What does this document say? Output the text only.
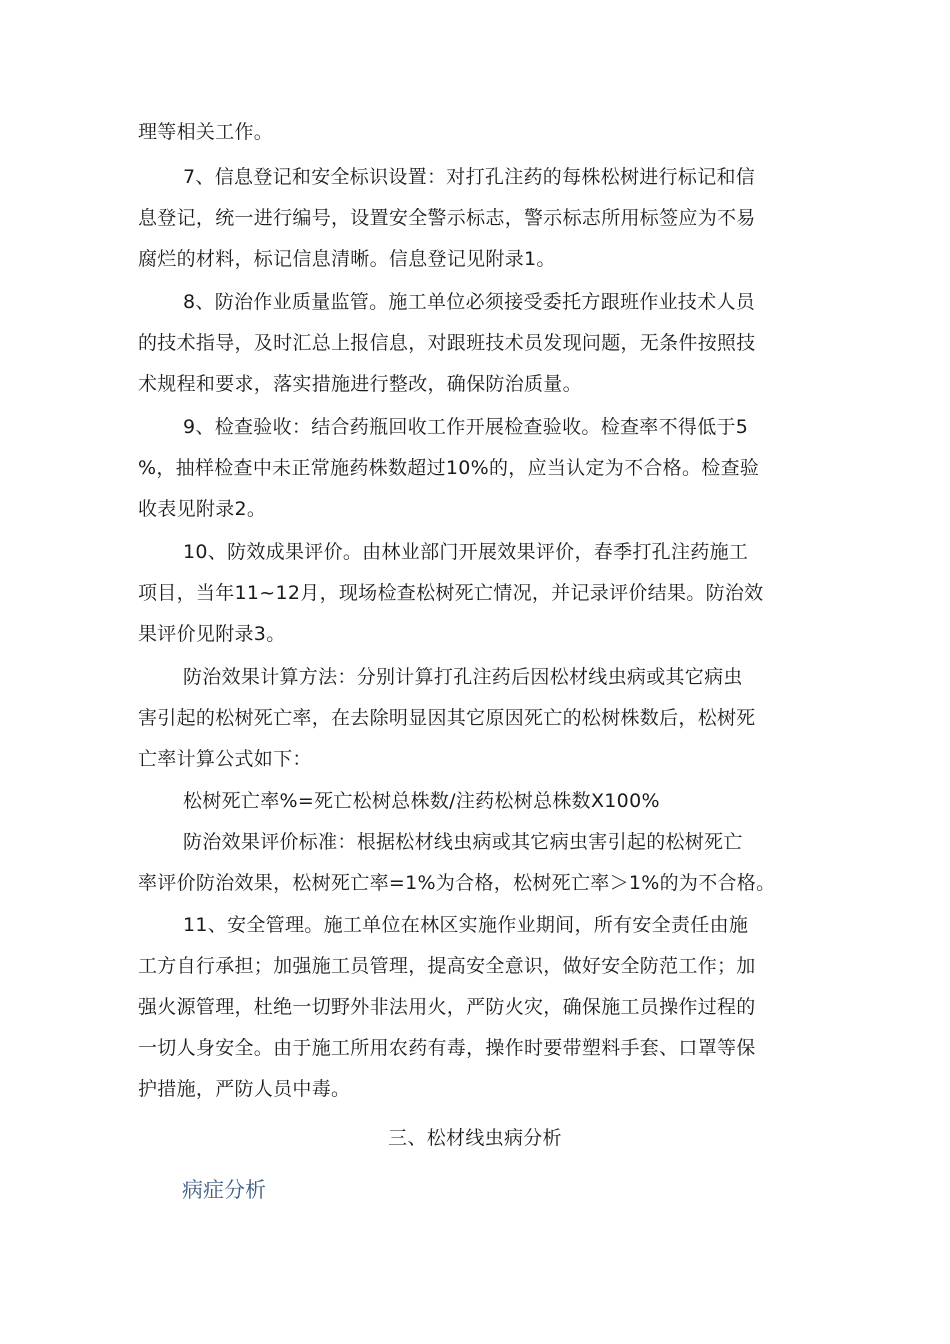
理等相关工作。
7、信息登记和安全标识设置：对打孔注药的每株松树进行标记和信
息登记，统一进行编号，设置安全警示标志，警示标志所用标签应为不易
腐烂的材料，标记信息清晰。信息登记见附录1。
8、防治作业质量监管。施工单位必须接受委托方跟班作业技术人员
的技术指导，及时汇总上报信息，对跟班技术员发现问题，无条件按照技
术规程和要求，落实措施进行整改，确保防治质量。
9、检查验收：结合药瓶回收工作开展检查验收。检查率不得低于5
%，抽样检查中未正常施药株数超过10%的，应当认定为不合格。检查验
收表见附录2。
10、防效成果评价。由林业部门开展效果评价，春季打孔注药施工
项目，当年11~12月，现场检查松树死亡情况，并记录评价结果。防治效
果评价见附录3。
防治效果计算方法：分别计算打孔注药后因松材线虫病或其它病虫
害引起的松树死亡率，在去除明显因其它原因死亡的松树株数后，松树死
亡率计算公式如下：
松树死亡率%=死亡松树总株数/注药松树总株数X100%
防治效果评价标准：根据松材线虫病或其它病虫害引起的松树死亡
率评价防治效果，松树死亡率=1%为合格，松树死亡率＞1%的为不合格。
11、安全管理。施工单位在林区实施作业期间，所有安全责任由施
工方自行承担；加强施工员管理，提高安全意识，做好安全防范工作；加
强火源管理，杜绝一切野外非法用火，严防火灾，确保施工员操作过程的
一切人身安全。由于施工所用农药有毒，操作时要带塑料手套、口罩等保
护措施，严防人员中毒。
三、松材线虫病分析
病症分析
